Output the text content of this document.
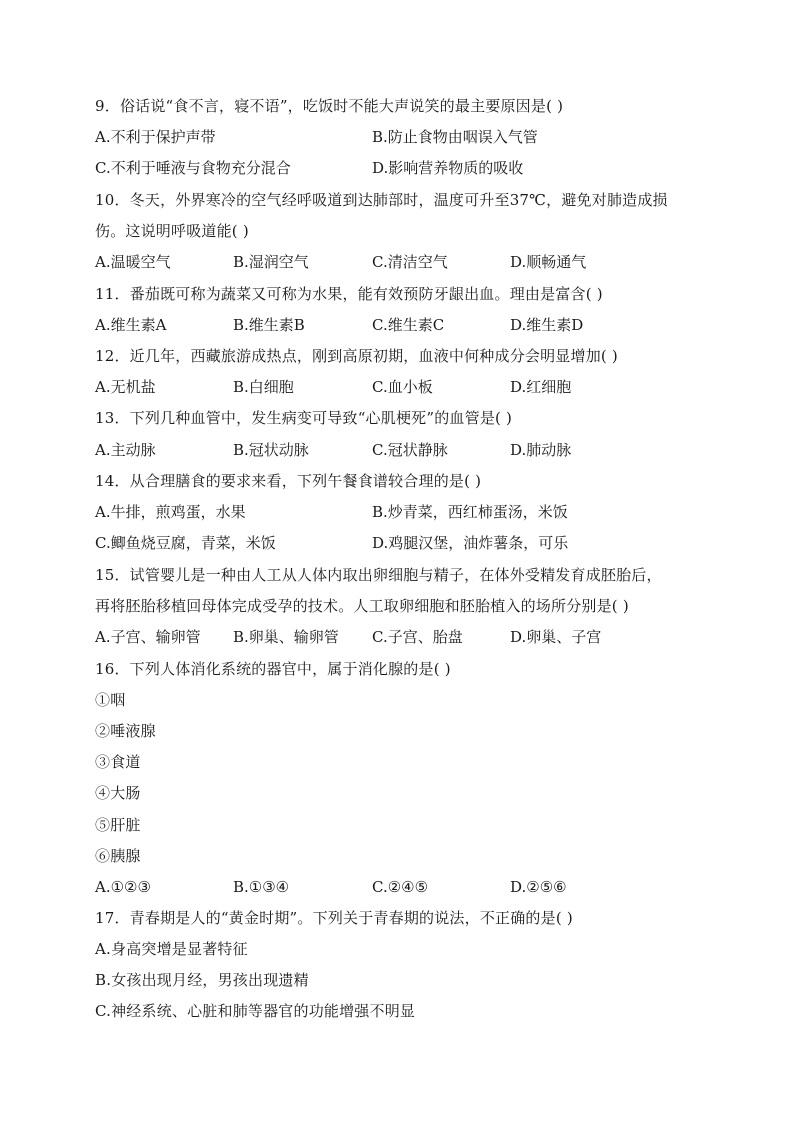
9．俗话说“食不言，寝不语”，吃饭时不能大声说笑的最主要原因是( )
A.不利于保护声带	B.防止食物由咽误入气管
C.不利于唾液与食物充分混合	D.影响营养物质的吸收
10．冬天，外界寒冷的空气经呼吸道到达肺部时，温度可升至37℃，避免对肺造成损
伤。这说明呼吸道能( )
A.温暖空气	B.湿润空气	C.清洁空气	D.顺畅通气
11．番茄既可称为蔬菜又可称为水果，能有效预防牙龈出血。理由是富含( )
A.维生素A	B.维生素B	C.维生素C	D.维生素D
12．近几年，西藏旅游成热点，刚到高原初期，血液中何种成分会明显增加( )
A.无机盐	B.白细胞	C.血小板	D.红细胞
13．下列几种血管中，发生病变可导致“心肌梗死”的血管是( )
A.主动脉	B.冠状动脉	C.冠状静脉	D.肺动脉
14．从合理膳食的要求来看，下列午餐食谱较合理的是( )
A.牛排，煎鸡蛋，水果	B.炒青菜，西红柿蛋汤，米饭
C.鲫鱼烧豆腐，青菜，米饭	D.鸡腿汉堡，油炸薯条，可乐
15．试管婴儿是一种由人工从人体内取出卵细胞与精子，在体外受精发育成胚胎后，
再将胚胎移植回母体完成受孕的技术。人工取卵细胞和胚胎植入的场所分别是( )
A.子宫、输卵管 B.卵巢、输卵管 C.子宫、胎盘	D.卵巢、子宫
16．下列人体消化系统的器官中，属于消化腺的是( )
①咽
②唾液腺
③食道
④大肠
⑤肝脏
⑥胰腺
A.①②③	B.①③④	C.②④⑤	D.②⑤⑥
17．青春期是人的“黄金时期”。下列关于青春期的说法，不正确的是( )
A.身高突增是显著特征
B.女孩出现月经，男孩出现遗精
C.神经系统、心脏和肺等器官的功能增强不明显
